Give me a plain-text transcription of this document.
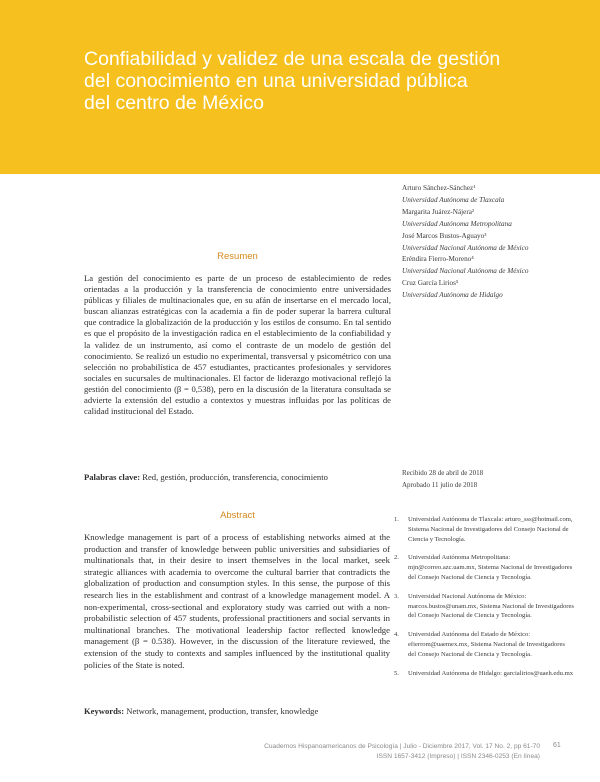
Confiabilidad y validez de una escala de gestión
del conocimiento en una universidad pública
del centro de México
Arturo Sánchez-Sánchez¹
Universidad Autónoma de Tlaxcala
Margarita Juárez-Nájera²
Universidad Autónoma Metropolitana
José Marcos Bustos-Aguayo³
Universidad Nacional Autónoma de México
Eréndira Fierro-Moreno⁴
Universidad Nacional Autónoma de México
Cruz García Lirios⁵
Universidad Autónoma de Hidalgo
Resumen
La gestión del conocimiento es parte de un proceso de establecimiento de redes orientadas a la producción y la transferencia de conocimiento entre universidades públicas y filiales de multinacionales que, en su afán de insertarse en el mercado local, buscan alianzas estratégicas con la academia a fin de poder superar la barrera cultural que contradice la globalización de la producción y los estilos de consumo. En tal sentido es que el propósito de la investigación radica en el establecimiento de la confiabilidad y la validez de un instrumento, así como el contraste de un modelo de gestión del conocimiento. Se realizó un estudio no experimental, transversal y psicométrico con una selección no probabilística de 457 estudiantes, practicantes profesionales y servidores sociales en sucursales de multinacionales. El factor de liderazgo motivacional reflejó la gestión del conocimiento (β = 0,538), pero en la discusión de la literatura consultada se advierte la extensión del estudio a contextos y muestras influidas por las políticas de calidad institucional del Estado.
Palabras clave: Red, gestión, producción, transferencia, conocimiento
Abstract
Knowledge management is part of a process of establishing networks aimed at the production and transfer of knowledge between public universities and subsidiaries of multinationals that, in their desire to insert themselves in the local market, seek strategic alliances with academia to overcome the cultural barrier that contradicts the globalization of production and consumption styles. In this sense, the purpose of this research lies in the establishment and contrast of a knowledge management model. A non-experimental, cross-sectional and exploratory study was carried out with a non-probabilistic selection of 457 students, professional practitioners and social servants in multinational branches. The motivational leadership factor reflected knowledge management (β = 0.538). However, in the discussion of the literature reviewed, the extension of the study to contexts and samples influenced by the institutional quality policies of the State is noted.
Keywords: Network, management, production, transfer, knowledge
Recibido 28 de abril de 2018
Aprobado 11 julio de 2018
1.	Universidad Autónoma de Tlaxcala: arturo_sss@hotmail.com, Sistema Nacional de Investigadores del Consejo Nacional de Ciencia y Tecnología.
2.	Universidad Autónoma Metropolitana: mjn@correo.azc.uam.mx, Sistema Nacional de Investigadores del Consejo Nacional de Ciencia y Tecnología.
3.	Universidad Nacional Autónoma de México: marcos.bustos@unam.mx, Sistema Nacional de Investigadores del Consejo Nacional de Ciencia y Tecnología.
4.	Universidad Autónoma del Estado de México: efierrom@uaemex.mx, Sistema Nacional de Investigadores del Consejo Nacional de Ciencia y Tecnología.
5.	Universidad Autónoma de Hidalgo: garcialirios@uaeh.edu.mx
Cuadernos Hispanoamericanos de Psicología | Julio - Diciembre 2017, Vol. 17 No. 2, pp 61-70
ISSN 1657-3412 (Impreso) | ISSN 2346-0253 (En línea)
61
